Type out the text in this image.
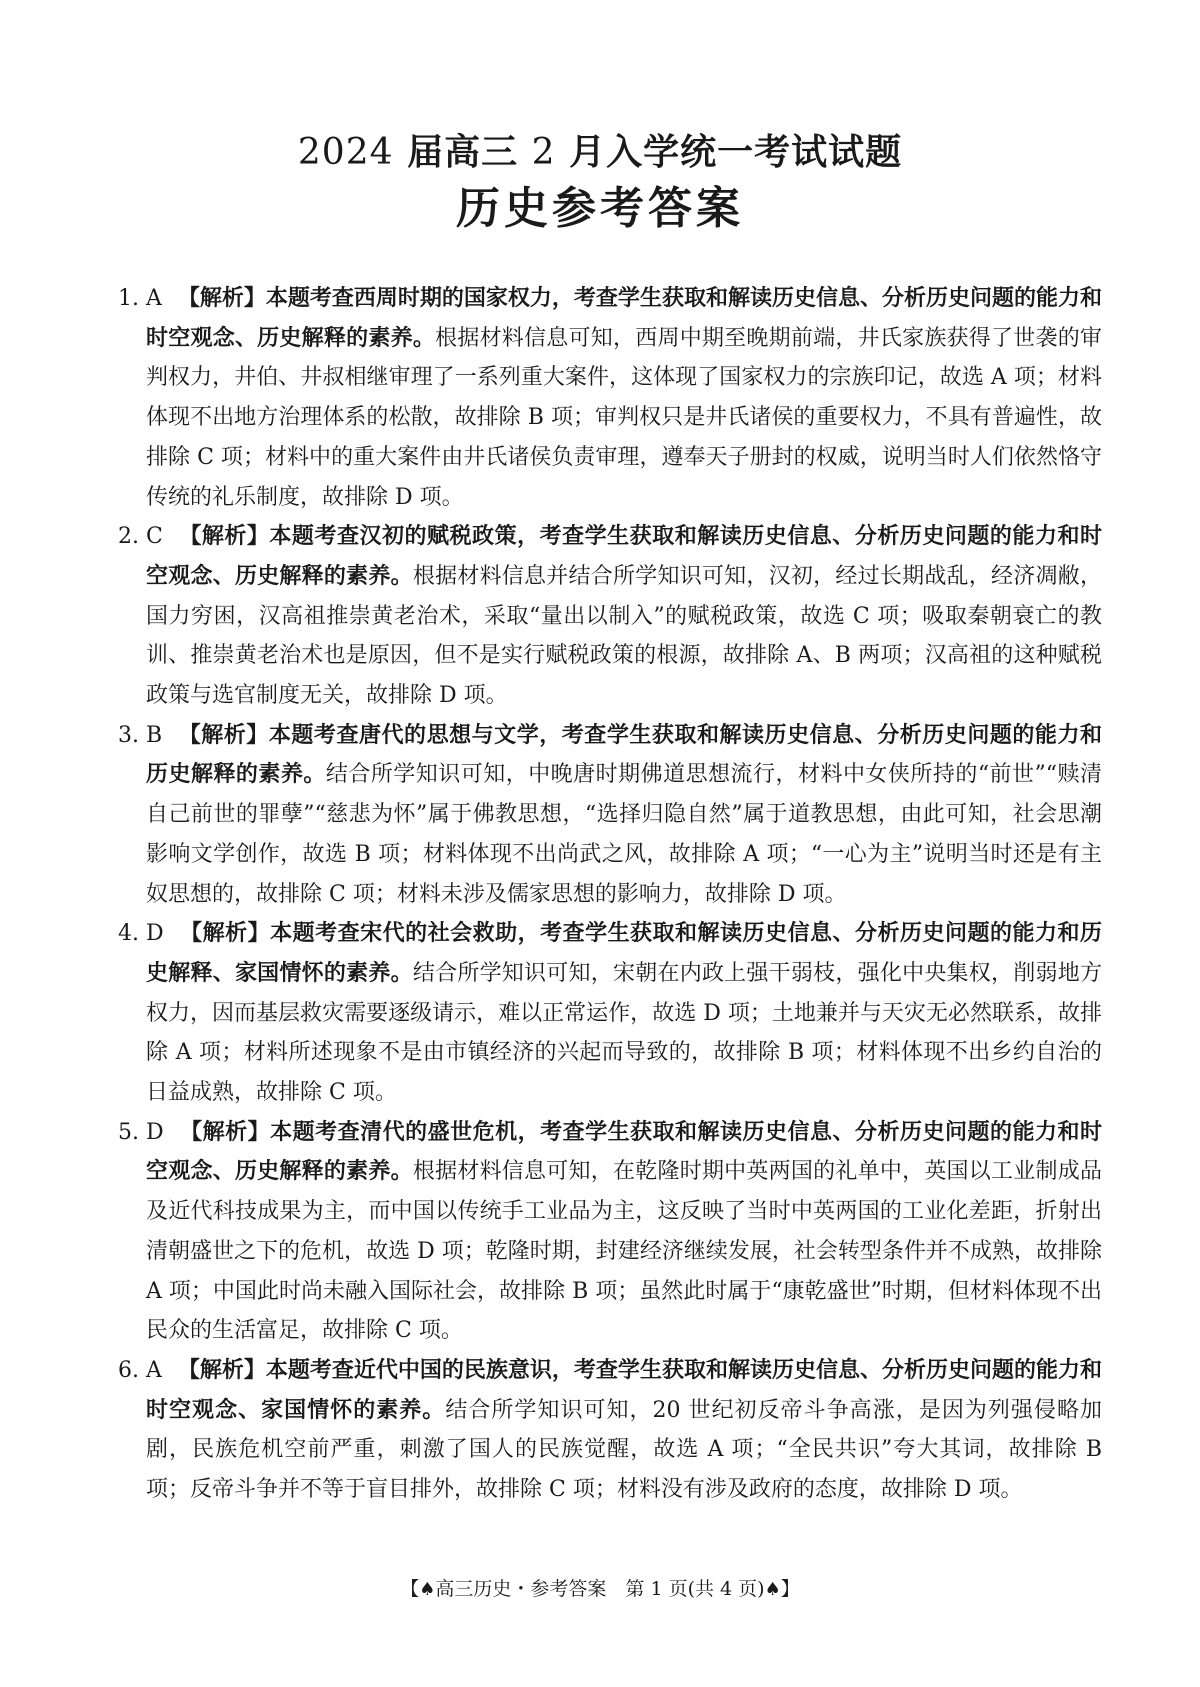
2024 届高三 2 月入学统一考试试题
历史参考答案
1. A 【解析】本题考查西周时期的国家权力，考查学生获取和解读历史信息、分析历史问题的能力和时空观念、历史解释的素养。根据材料信息可知，西周中期至晚期前端，井氏家族获得了世袭的审判权力，井伯、井叔相继审理了一系列重大案件，这体现了国家权力的宗族印记，故选 A 项；材料体现不出地方治理体系的松散，故排除 B 项；审判权只是井氏诸侯的重要权力，不具有普遍性，故排除 C 项；材料中的重大案件由井氏诸侯负责审理，遵奉天子册封的权威，说明当时人们依然恪守传统的礼乐制度，故排除 D 项。
2. C 【解析】本题考查汉初的赋税政策，考查学生获取和解读历史信息、分析历史问题的能力和时空观念、历史解释的素养。根据材料信息并结合所学知识可知，汉初，经过长期战乱，经济凋敝，国力穷困，汉高祖推崇黄老治术，采取“量出以制入”的赋税政策，故选 C 项；吸取秦朝衰亡的教训、推崇黄老治术也是原因，但不是实行赋税政策的根源，故排除 A、B 两项；汉高祖的这种赋税政策与选官制度无关，故排除 D 项。
3. B 【解析】本题考查唐代的思想与文学，考查学生获取和解读历史信息、分析历史问题的能力和历史解释的素养。结合所学知识可知，中晚唐时期佛道思想流行，材料中女侠所持的“前世”“赎清自己前世的罪孽”“慈悲为怀”属于佛教思想，“选择归隐自然”属于道教思想，由此可知，社会思潮影响文学创作，故选 B 项；材料体现不出尚武之风，故排除 A 项；“一心为主”说明当时还是有主奴思想的，故排除 C 项；材料未涉及儒家思想的影响力，故排除 D 项。
4. D 【解析】本题考查宋代的社会救助，考查学生获取和解读历史信息、分析历史问题的能力和历史解释、家国情怀的素养。结合所学知识可知，宋朝在内政上强干弱枝，强化中央集权，削弱地方权力，因而基层救灾需要逐级请示，难以正常运作，故选 D 项；土地兼并与天灾无必然联系，故排除 A 项；材料所述现象不是由市镇经济的兴起而导致的，故排除 B 项；材料体现不出乡约自治的日益成熟，故排除 C 项。
5. D 【解析】本题考查清代的盛世危机，考查学生获取和解读历史信息、分析历史问题的能力和时空观念、历史解释的素养。根据材料信息可知，在乾隆时期中英两国的礼单中，英国以工业制成品及近代科技成果为主，而中国以传统手工业品为主，这反映了当时中英两国的工业化差距，折射出清朝盛世之下的危机，故选 D 项；乾隆时期，封建经济继续发展，社会转型条件并不成熟，故排除 A 项；中国此时尚未融入国际社会，故排除 B 项；虽然此时属于“康乾盛世”时期，但材料体现不出民众的生活富足，故排除 C 项。
6. A 【解析】本题考查近代中国的民族意识，考查学生获取和解读历史信息、分析历史问题的能力和时空观念、家国情怀的素养。结合所学知识可知，20 世纪初反帝斗争高涨，是因为列强侵略加剧，民族危机空前严重，刺激了国人的民族觉醒，故选 A 项；“全民共识”夸大其词，故排除 B 项；反帝斗争并不等于盲目排外，故排除 C 项；材料没有涉及政府的态度，故排除 D 项。
【♠高三历史・参考答案　第 1 页(共 4 页)♠】
